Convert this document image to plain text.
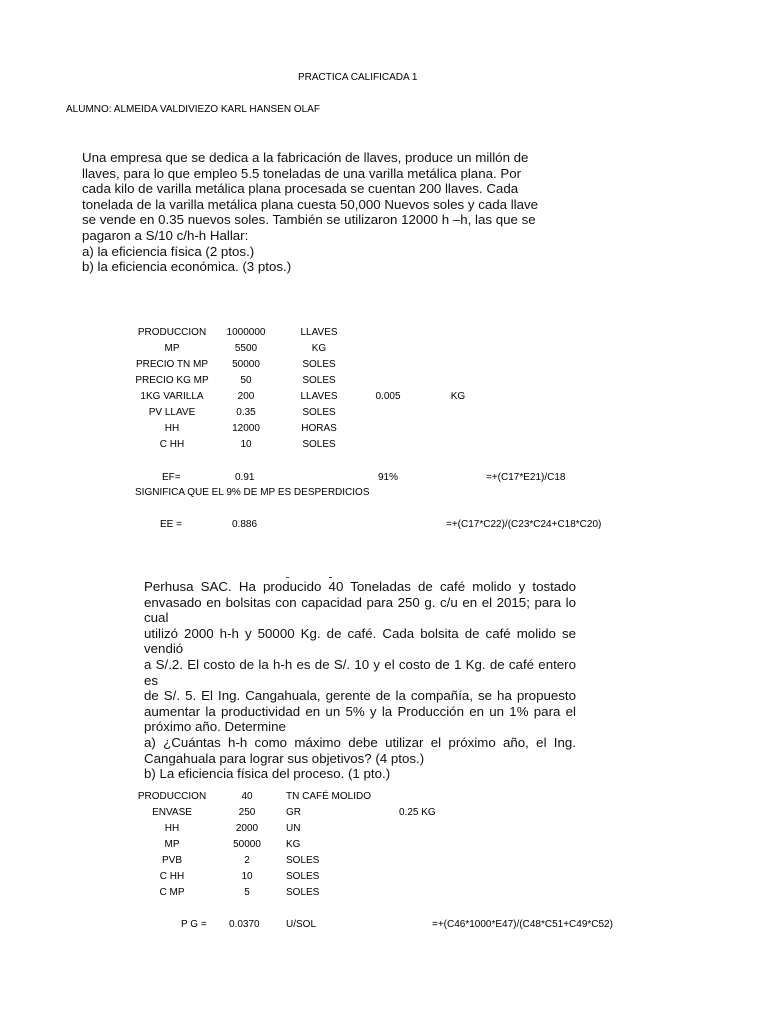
PRACTICA CALIFICADA 1
ALUMNO: ALMEIDA VALDIVIEZO KARL HANSEN OLAF
Una empresa que se dedica a la fabricación de llaves, produce un millón de
llaves, para lo que empleo 5.5 toneladas de una varilla metálica plana. Por
cada kilo de varilla metálica plana procesada se cuentan 200 llaves. Cada
tonelada de la varilla metálica plana cuesta 50,000 Nuevos soles y cada llave
se vende en 0.35 nuevos soles. También se utilizaron 12000 h –h, las que se
pagaron a S/10 c/h-h Hallar:
a) la eficiencia física (2 ptos.)
b) la eficiencia económica. (3 ptos.)
PRODUCCION	1000000	LLAVES
MP	5500	KG
PRECIO TN MP	50000	SOLES
PRECIO KG MP	50	SOLES
1KG VARILLA	200	LLAVES	0.005	KG
PV LLAVE	0.35	SOLES
HH	12000	HORAS
C HH	10	SOLES
EF=	0.91	91%	=+(C17*E21)/C18
SIGNIFICA QUE EL 9% DE MP ES DESPERDICIOS
EE =	0.886	=+(C17*C22)/(C23*C24+C18*C20)
Perhusa SAC. Ha producido 40 Toneladas de café molido y tostado
envasado en bolsitas con capacidad para 250 g. c/u en el 2015; para lo cual
utilizó 2000 h-h y 50000 Kg. de café. Cada bolsita de café molido se vendió
a S/.2. El costo de la h-h es de S/. 10 y el costo de 1 Kg. de café entero es
de S/. 5. El Ing. Cangahuala, gerente de la compañía, se ha propuesto
aumentar la productividad en un 5% y la Producción en un 1% para el
próximo año. Determine
a) ¿Cuántas h-h como máximo debe utilizar el próximo año, el Ing.
Cangahuala para lograr sus objetivos? (4 ptos.)
b) La eficiencia física del proceso. (1 pto.)
PRODUCCION	40	TN CAFÉ MOLIDO
ENVASE	250	GR	0.25 KG
HH	2000	UN
MP	50000	KG
PVB	2	SOLES
C HH	10	SOLES
C MP	5	SOLES
P G = 0.0370	U/SOL	=+(C46*1000*E47)/(C48*C51+C49*C52)
